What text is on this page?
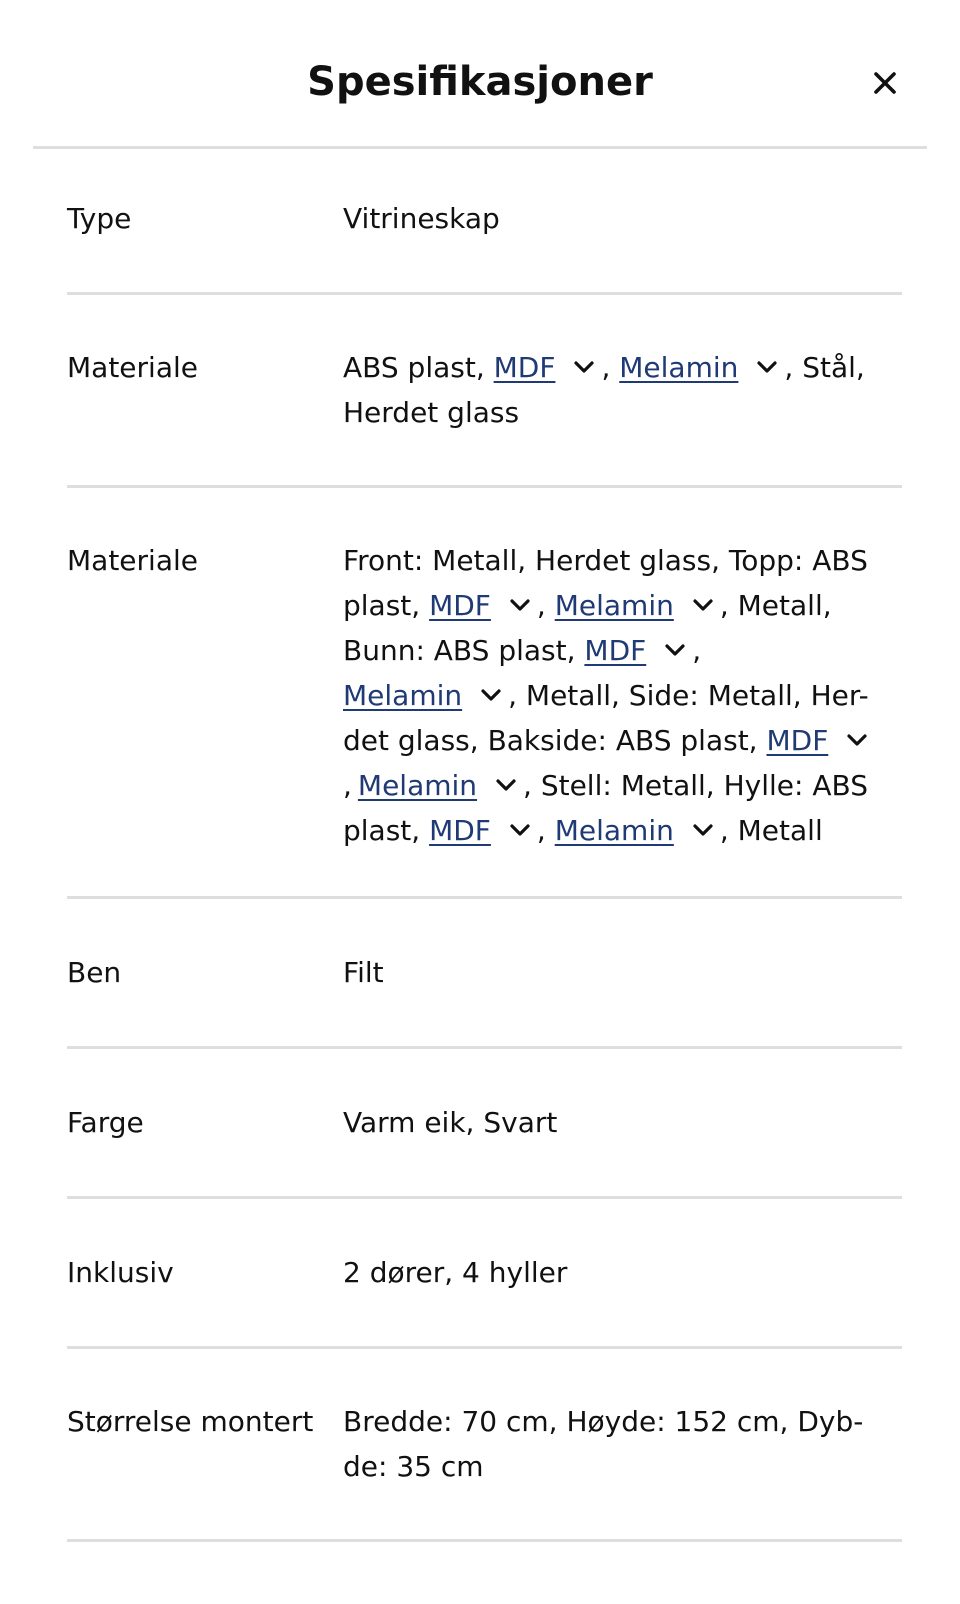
Spesifikasjoner
Type	Vitrineskap
Materiale	ABS plast, MDF , Melamin , Stål,
Herdet glass
Materiale	Front: Metall, Herdet glass, Topp: ABS
plast, MDF , Melamin , Metall,
Bunn: ABS plast, MDF ,
Melamin , Metall, Side: Metall, Her-
det glass, Bakside: ABS plast, MDF
, Melamin , Stell: Metall, Hylle: ABS
plast, MDF , Melamin , Metall
Ben	Filt
Farge	Varm eik, Svart
Inklusiv	2 dører, 4 hyller
Størrelse montert	Bredde: 70 cm, Høyde: 152 cm, Dyb-
de: 35 cm
